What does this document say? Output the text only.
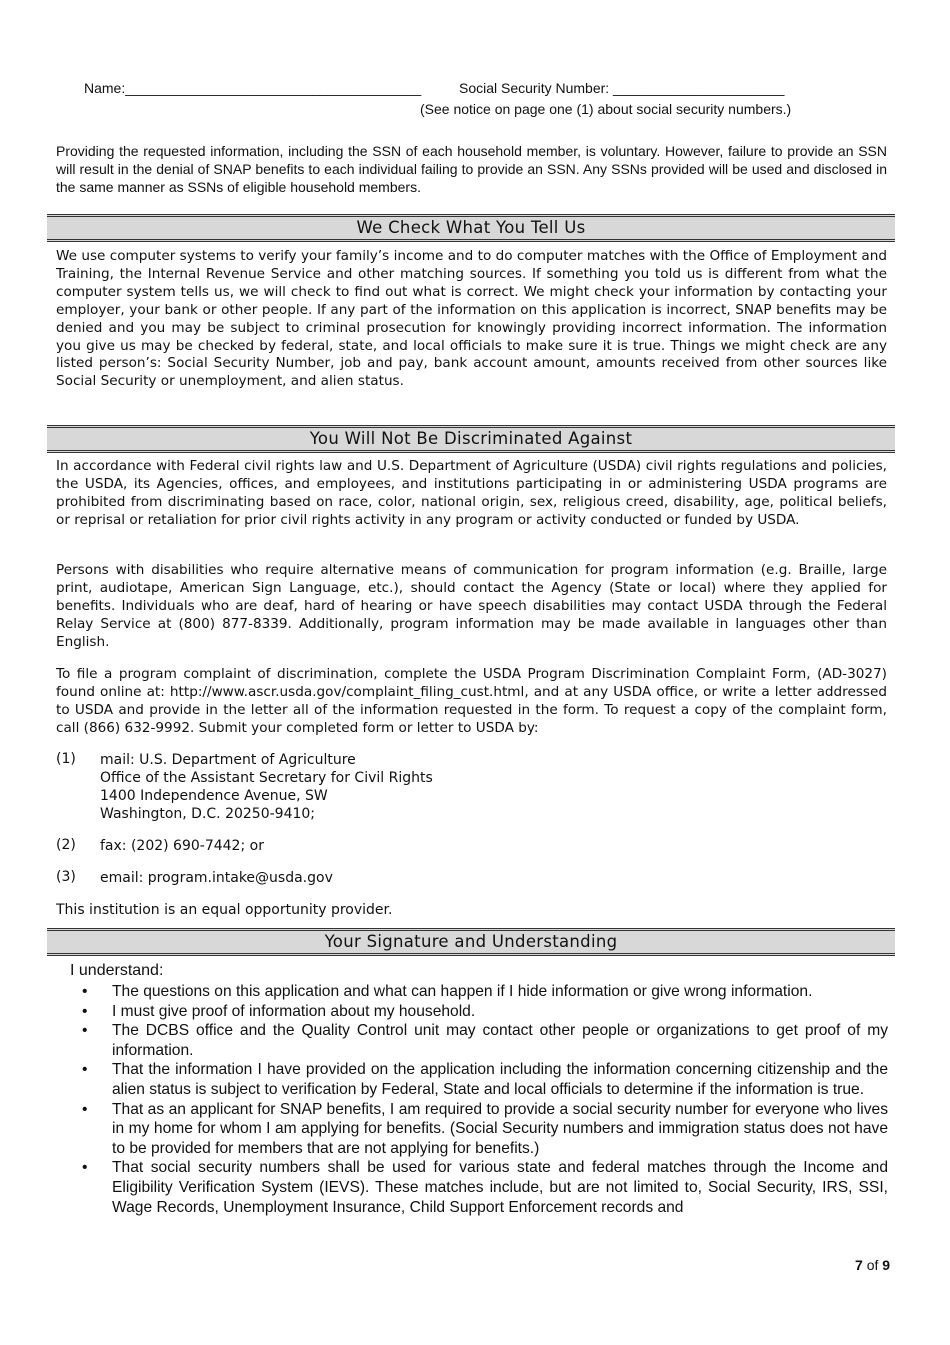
Name:______________________________________	Social Security Number: ______________________
(See notice on page one (1) about social security numbers.)

Providing the requested information, including the SSN of each household member, is voluntary. However, failure to provide an SSN will result in the denial of SNAP benefits to each individual failing to provide an SSN. Any SSNs provided will be used and disclosed in the same manner as SSNs of eligible household members.

We Check What You Tell Us

We use computer systems to verify your family’s income and to do computer matches with the Office of Employment and Training, the Internal Revenue Service and other matching sources. If something you told us is different from what the computer system tells us, we will check to find out what is correct. We might check your information by contacting your employer, your bank or other people. If any part of the information on this application is incorrect, SNAP benefits may be denied and you may be subject to criminal prosecution for knowingly providing incorrect information. The information you give us may be checked by federal, state, and local officials to make sure it is true. Things we might check are any listed person’s: Social Security Number, job and pay, bank account amount, amounts received from other sources like Social Security or unemployment, and alien status.

You Will Not Be Discriminated Against

In accordance with Federal civil rights law and U.S. Department of Agriculture (USDA) civil rights regulations and policies, the USDA, its Agencies, offices, and employees, and institutions participating in or administering USDA programs are prohibited from discriminating based on race, color, national origin, sex, religious creed, disability, age, political beliefs, or reprisal or retaliation for prior civil rights activity in any program or activity conducted or funded by USDA.

Persons with disabilities who require alternative means of communication for program information (e.g. Braille, large print, audiotape, American Sign Language, etc.), should contact the Agency (State or local) where they applied for benefits. Individuals who are deaf, hard of hearing or have speech disabilities may contact USDA through the Federal Relay Service at (800) 877-8339. Additionally, program information may be made available in languages other than English.

To file a program complaint of discrimination, complete the USDA Program Discrimination Complaint Form, (AD-3027) found online at: http://www.ascr.usda.gov/complaint_filing_cust.html, and at any USDA office, or write a letter addressed to USDA and provide in the letter all of the information requested in the form. To request a copy of the complaint form, call (866) 632-9992. Submit your completed form or letter to USDA by:

(1) mail: U.S. Department of Agriculture
Office of the Assistant Secretary for Civil Rights
1400 Independence Avenue, SW
Washington, D.C. 20250-9410;
(2) fax: (202) 690-7442; or
(3) email: program.intake@usda.gov
This institution is an equal opportunity provider.
Your Signature and Understanding
I understand:
• The questions on this application and what can happen if I hide information or give wrong information.
• I must give proof of information about my household.
• The DCBS office and the Quality Control unit may contact other people or organizations to get proof of my information.
• That the information I have provided on the application including the information concerning citizenship and the alien status is subject to verification by Federal, State and local officials to determine if the information is true.
• That as an applicant for SNAP benefits, I am required to provide a social security number for everyone who lives in my home for whom I am applying for benefits. (Social Security numbers and immigration status does not have to be provided for members that are not applying for benefits.)
• That social security numbers shall be used for various state and federal matches through the Income and Eligibility Verification System (IEVS). These matches include, but are not limited to, Social Security, IRS, SSI, Wage Records, Unemployment Insurance, Child Support Enforcement records and
7 of 9
